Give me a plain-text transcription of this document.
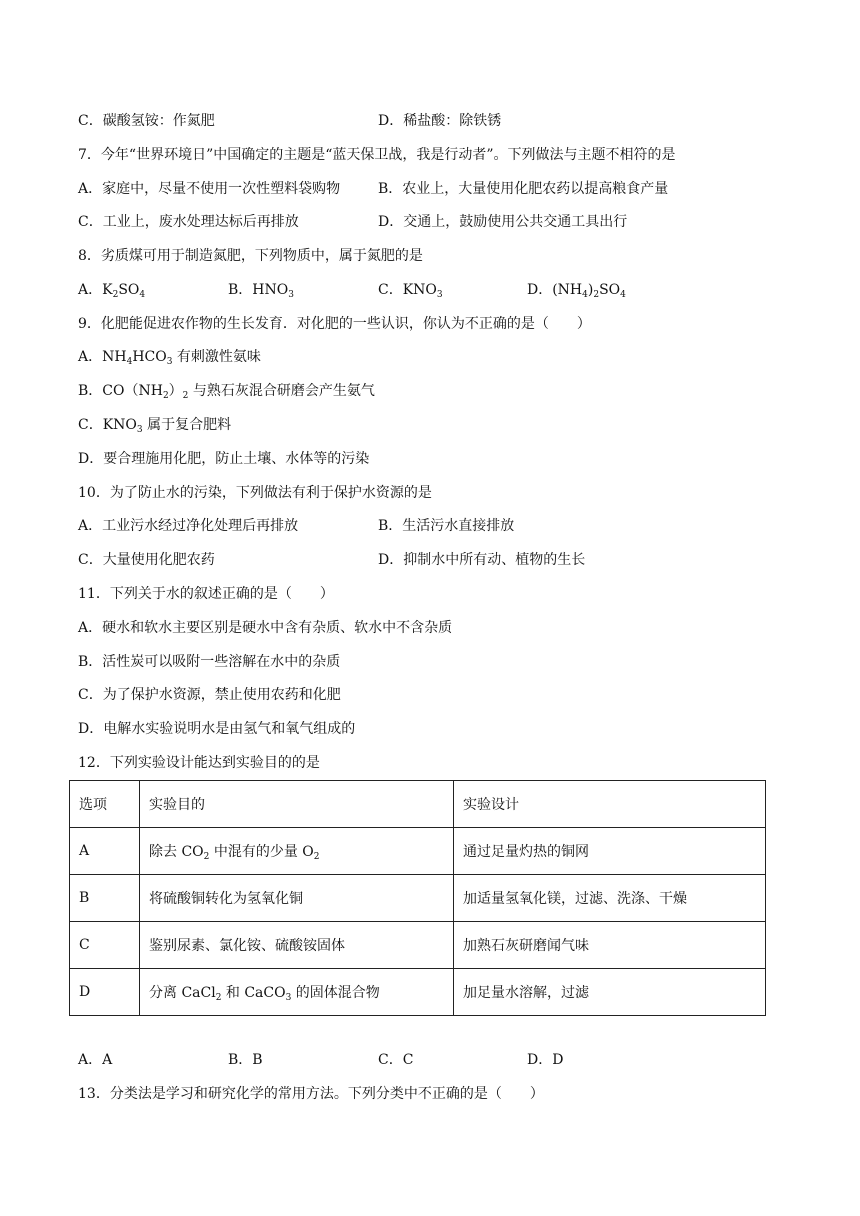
C．碳酸氢铵：作氮肥	D．稀盐酸：除铁锈
7．今年“世界环境日”中国确定的主题是“蓝天保卫战，我是行动者”。下列做法与主题不相符的是
A．家庭中，尽量不使用一次性塑料袋购物	B．农业上，大量使用化肥农药以提高粮食产量
C．工业上，废水处理达标后再排放	D．交通上，鼓励使用公共交通工具出行
8．劣质煤可用于制造氮肥，下列物质中，属于氮肥的是
A．$K_2SO_4$	B．$HNO_3$	C．$KNO_3$	D．$(NH_4)_2SO_4$
9．化肥能促进农作物的生长发育．对化肥的一些认识，你认为不正确的是（　　）
A．$NH_4HCO_3$ 有刺激性氨味
B．$CO(NH_2)_2$ 与熟石灰混合研磨会产生氨气
C．$KNO_3$ 属于复合肥料
D．要合理施用化肥，防止土壤、水体等的污染
10．为了防止水的污染，下列做法有利于保护水资源的是
A．工业污水经过净化处理后再排放	B．生活污水直接排放
C．大量使用化肥农药	D．抑制水中所有动、植物的生长
11．下列关于水的叙述正确的是（　　）
A．硬水和软水主要区别是硬水中含有杂质、软水中不含杂质
B．活性炭可以吸附一些溶解在水中的杂质
C．为了保护水资源，禁止使用农药和化肥
D．电解水实验说明水是由氢气和氧气组成的
12．下列实验设计能达到实验目的的是
选项	实验目的	实验设计
A	除去 $CO_2$ 中混有的少量 $O_2$	通过足量灼热的铜网
B	将硫酸铜转化为氢氧化铜	加适量氢氧化镁，过滤、洗涤、干燥
C	鉴别尿素、氯化铵、硫酸铵固体	加熟石灰研磨闻气味
D	分离 CaCl$_2$ 和 CaCO$_3$ 的固体混合物	加足量水溶解，过滤
A．A	B．B	C．C	D．D
13．分类法是学习和研究化学的常用方法。下列分类中不正确的是（　　）
